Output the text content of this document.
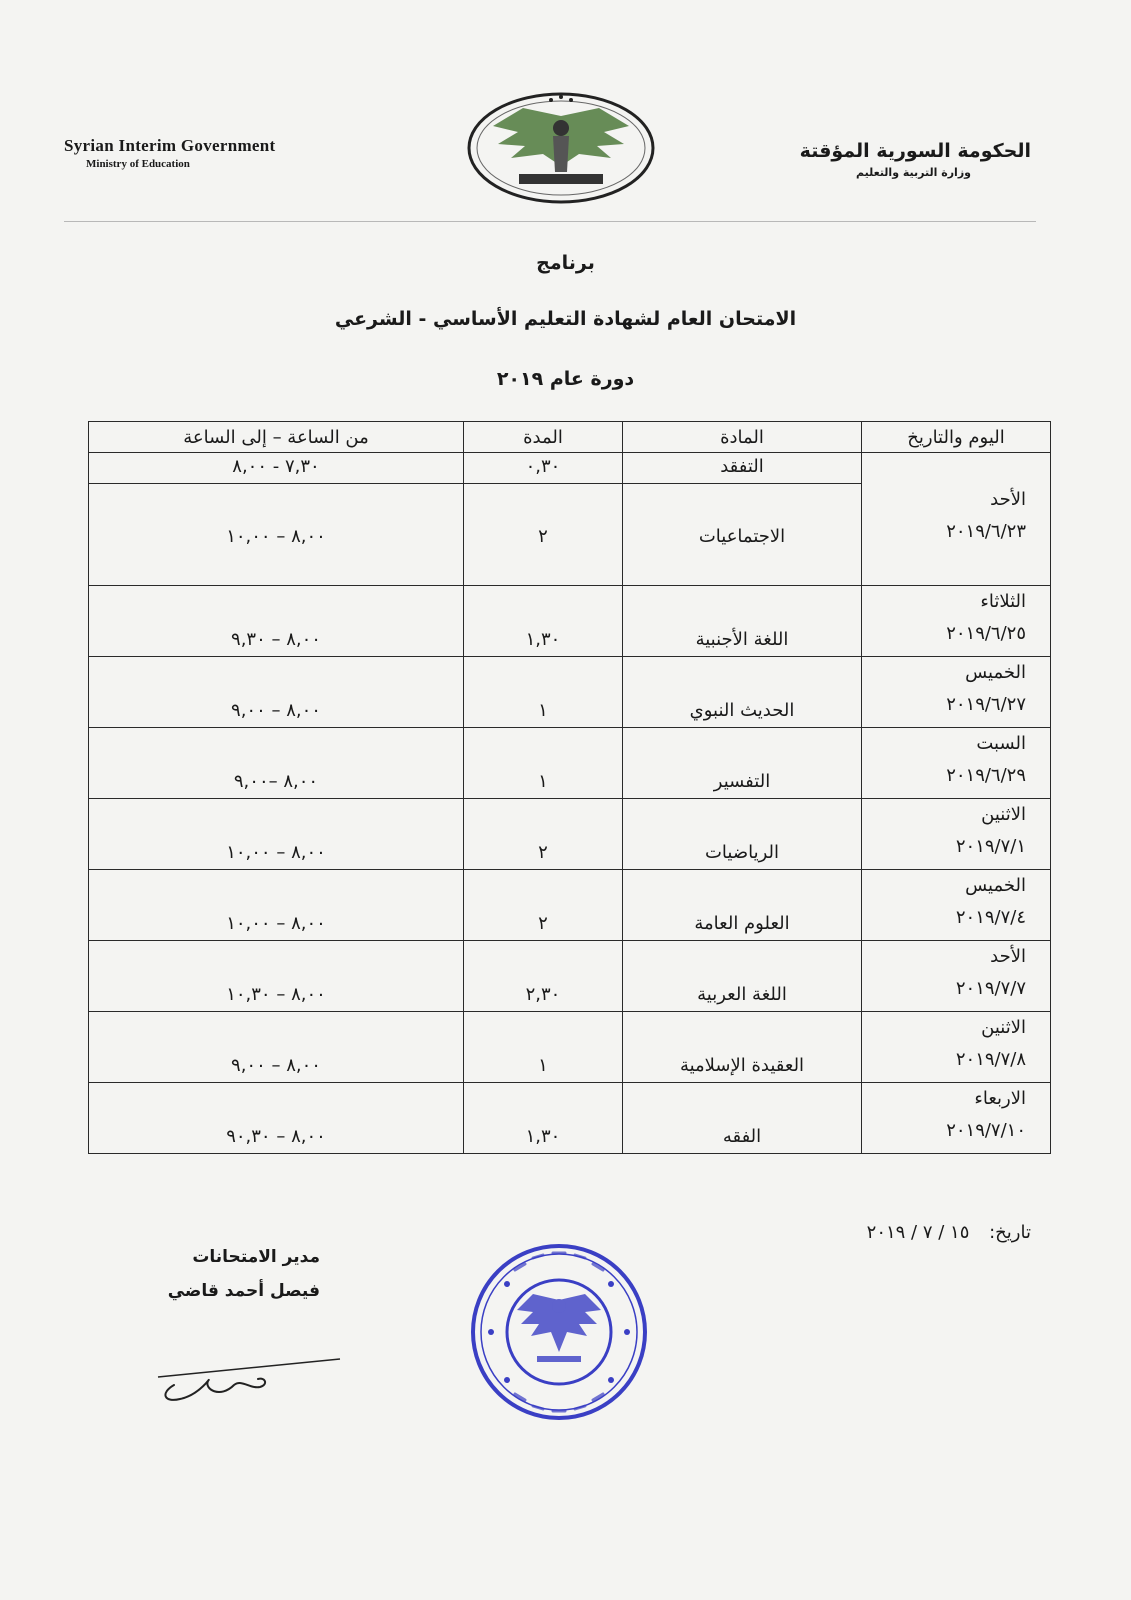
Syrian Interim Government
Ministry of Education
الحكومة السورية المؤقتة
وزارة التربية والتعليم
برنامج
الامتحان العام لشهادة التعليم الأساسي - الشرعي
دورة عام ٢٠١٩
اليوم والتاريخ	المادة	المدة	من الساعة – إلى الساعة

الأحد
٢٠١٩/٦/٢٣	التفقد	٠,٣٠	٧,٣٠ - ٨,٠٠
	الاجتماعيات	٢	٨,٠٠ – ١٠,٠٠

الثلاثاء
٢٠١٩/٦/٢٥	اللغة الأجنبية	١,٣٠	٨,٠٠ – ٩,٣٠

الخميس
٢٠١٩/٦/٢٧	الحديث النبوي	١	٨,٠٠ – ٩,٠٠

السبت
٢٠١٩/٦/٢٩	التفسير	١	٨,٠٠ –٩,٠٠

الاثنين
٢٠١٩/٧/١	الرياضيات	٢	٨,٠٠ – ١٠,٠٠

الخميس
٢٠١٩/٧/٤	العلوم العامة	٢	٨,٠٠ – ١٠,٠٠

الأحد
٢٠١٩/٧/٧	اللغة العربية	٢,٣٠	٨,٠٠ – ١٠,٣٠

الاثنين
٢٠١٩/٧/٨	العقيدة الإسلامية	١	٨,٠٠ – ٩,٠٠

الاربعاء
٢٠١٩/٧/١٠	الفقه	١,٣٠	٨,٠٠ – ٩٠,٣٠
تاريخ: ١٥ / ٧ / ٢٠١٩
مدير الامتحانات
فيصل أحمد قاضي
